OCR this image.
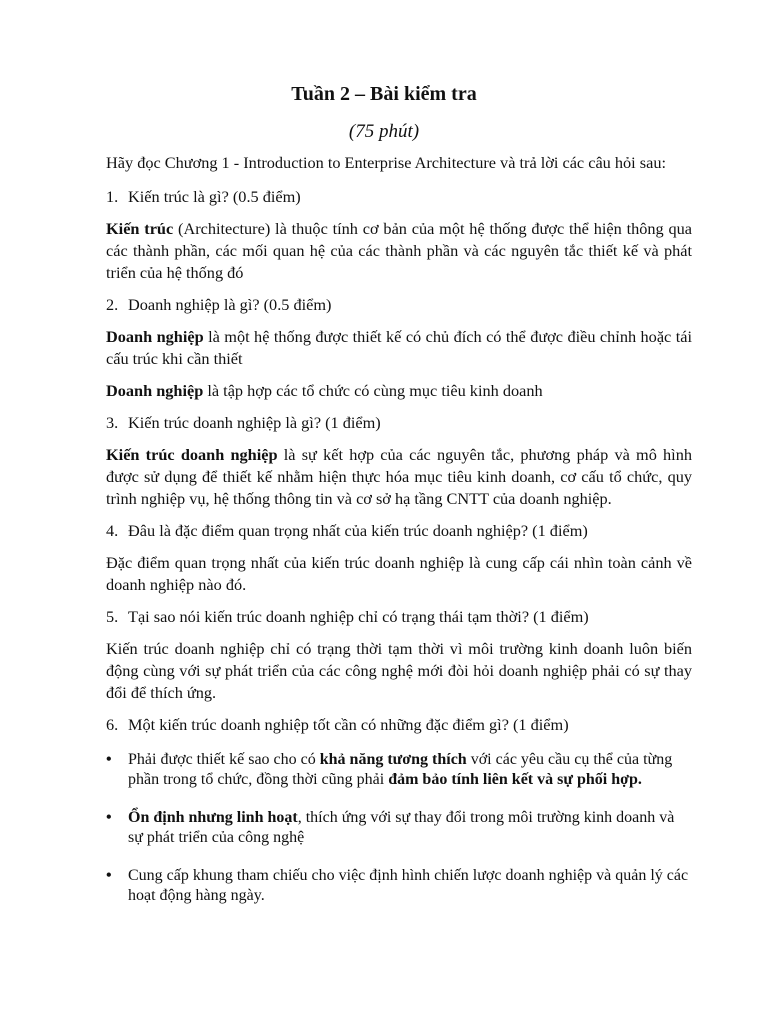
Tuần 2 – Bài kiểm tra
(75 phút)

Hãy đọc Chương 1 - Introduction to Enterprise Architecture và trả lời các câu hỏi sau:

1. Kiến trúc là gì? (0.5 điểm)

Kiến trúc (Architecture) là thuộc tính cơ bản của một hệ thống được thể hiện thông qua các thành phần, các mối quan hệ của các thành phần và các nguyên tắc thiết kế và phát triển của hệ thống đó

2. Doanh nghiệp là gì? (0.5 điểm)

Doanh nghiệp là một hệ thống được thiết kế có chủ đích có thể được điều chỉnh hoặc tái cấu trúc khi cần thiết

Doanh nghiệp là tập hợp các tổ chức có cùng mục tiêu kinh doanh

3. Kiến trúc doanh nghiệp là gì? (1 điểm)

Kiến trúc doanh nghiệp là sự kết hợp của các nguyên tắc, phương pháp và mô hình được sử dụng để thiết kế nhằm hiện thực hóa mục tiêu kinh doanh, cơ cấu tổ chức, quy trình nghiệp vụ, hệ thống thông tin và cơ sở hạ tầng CNTT của doanh nghiệp.

4. Đâu là đặc điểm quan trọng nhất của kiến trúc doanh nghiệp? (1 điểm)

Đặc điểm quan trọng nhất của kiến trúc doanh nghiệp là cung cấp cái nhìn toàn cảnh về doanh nghiệp nào đó.

5. Tại sao nói kiến trúc doanh nghiệp chỉ có trạng thái tạm thời? (1 điểm)

Kiến trúc doanh nghiệp chỉ có trạng thời tạm thời vì môi trường kinh doanh luôn biến động cùng với sự phát triển của các công nghệ mới đòi hỏi doanh nghiệp phải có sự thay đổi để thích ứng.

6. Một kiến trúc doanh nghiệp tốt cần có những đặc điểm gì? (1 điểm)

• Phải được thiết kế sao cho có khả năng tương thích với các yêu cầu cụ thể của từng phần trong tổ chức, đồng thời cũng phải đảm bảo tính liên kết và sự phối hợp.
• Ổn định nhưng linh hoạt, thích ứng với sự thay đổi trong môi trường kinh doanh và sự phát triển của công nghệ
• Cung cấp khung tham chiếu cho việc định hình chiến lược doanh nghiệp và quản lý các hoạt động hàng ngày.
